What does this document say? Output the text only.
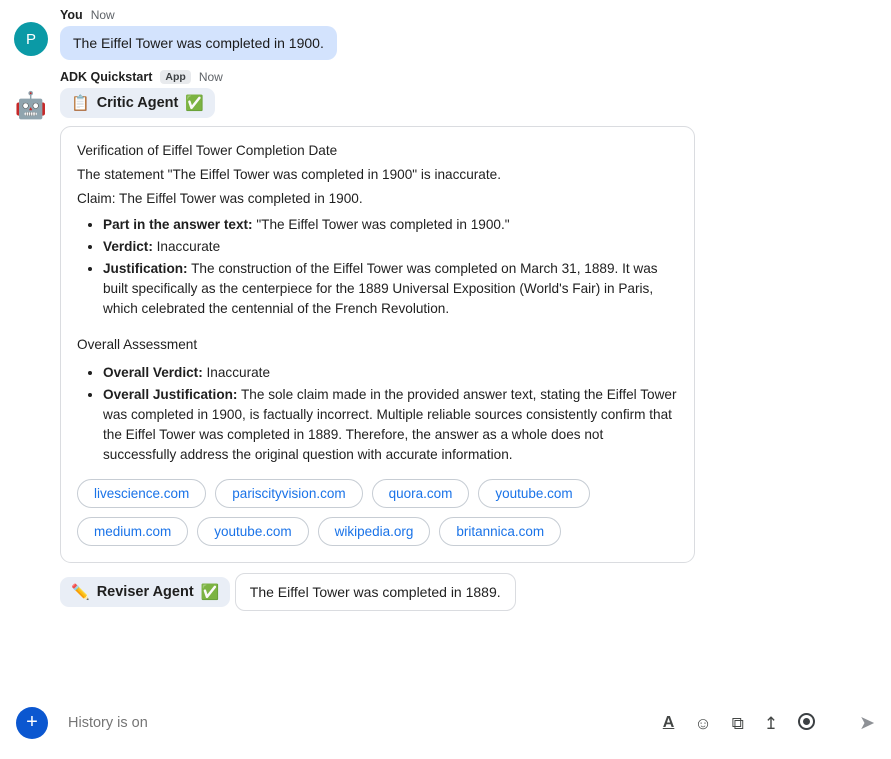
P
You Now
The Eiffel Tower was completed in 1900.
🤖
ADK Quickstart	App	Now
📋 Critic Agent ✅

Verification of Eiffel Tower Completion Date

The statement "The Eiffel Tower was completed in 1900" is inaccurate.

Claim: The Eiffel Tower was completed in 1900.

• Part in the answer text: "The Eiffel Tower was completed in 1900."
• Verdict: Inaccurate
• Justification: The construction of the Eiffel Tower was completed on March 31, 1889. It was built specifically as the centerpiece for the 1889 Universal Exposition (World's Fair) in Paris, which celebrated the centennial of the French Revolution.

Overall Assessment

• Overall Verdict: Inaccurate
• Overall Justification: The sole claim made in the provided answer text, stating the Eiffel Tower was completed in 1900, is factually incorrect. Multiple reliable sources consistently confirm that the Eiffel Tower was completed in 1889. Therefore, the answer as a whole does not successfully address the original question with accurate information.
livescience.com	pariscityvision.com	quora.com	youtube.com
medium.com	youtube.com	wikipedia.org	britannica.com
✏️ Reviser Agent ✅ The Eiffel Tower was completed in 1889.
+
History is on	A ☺ ⧉ ↥	➤
